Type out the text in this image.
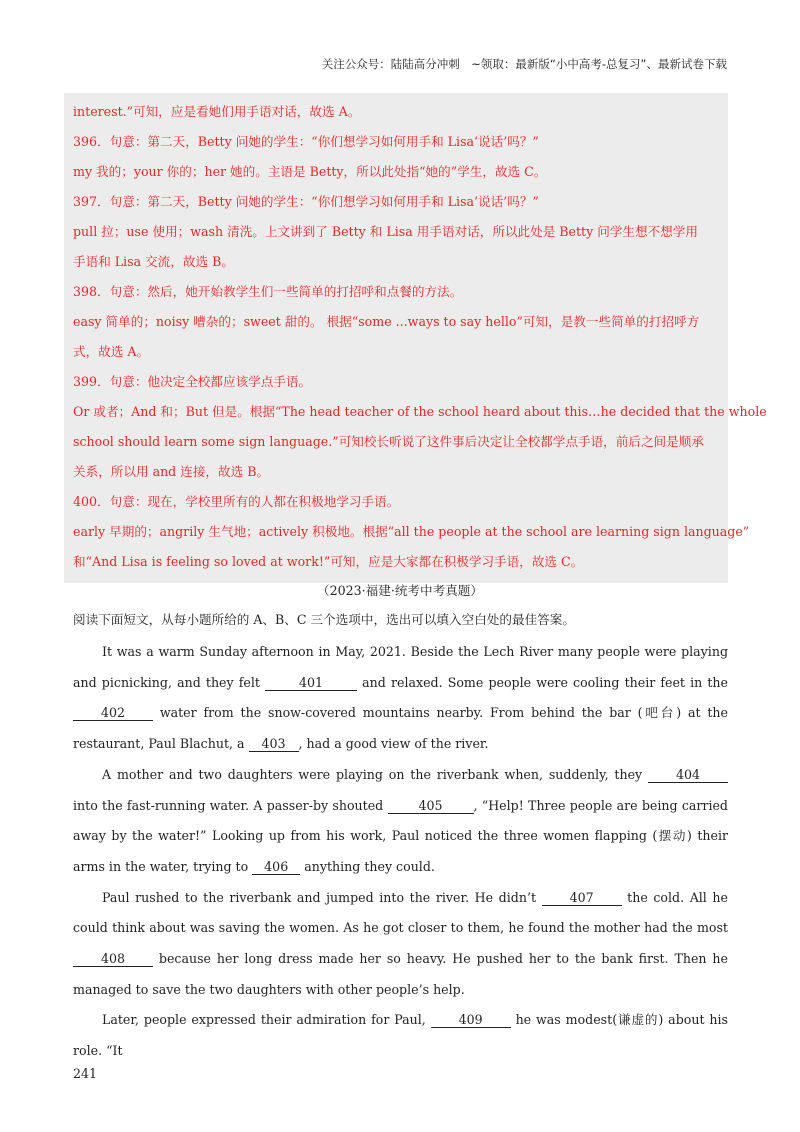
关注公众号：陆陆高分冲刺　~领取：最新版“小中高考-总复习”、最新试卷下载

interest.”可知，应是看她们用手语对话，故选 A。

396．句意：第二天，Betty 问她的学生：“你们想学习如何用手和 Lisa‘说话’吗？”

my 我的；your 你的；her 她的。主语是 Betty，所以此处指“她的”学生，故选 C。

397．句意：第二天，Betty 问她的学生：“你们想学习如何用手和 Lisa‘说话’吗？”

pull 拉；use 使用；wash 清洗。上文讲到了 Betty 和 Lisa 用手语对话，所以此处是 Betty 问学生想不想学用

手语和 Lisa 交流，故选 B。

398．句意：然后，她开始教学生们一些简单的打招呼和点餐的方法。

easy 简单的；noisy 嘈杂的；sweet 甜的。 根据“some ...ways to say hello”可知，是教一些简单的打招呼方

式，故选 A。

399．句意：他决定全校都应该学点手语。

Or 或者；And 和；But 但是。根据“The head teacher of the school heard about this…he decided that the whole

school should learn some sign language.”可知校长听说了这件事后决定让全校都学点手语，前后之间是顺承

关系，所以用 and 连接，故选 B。

400．句意：现在，学校里所有的人都在积极地学习手语。

early 早期的；angrily 生气地；actively 积极地。根据“all the people at the school are learning sign language”

和“And Lisa is feeling so loved at work!”可知，应是大家都在积极学习手语，故选 C。

（2023·福建·统考中考真题）
阅读下面短文，从每小题所给的 A、B、C 三个选项中，选出可以填入空白处的最佳答案。

It was a warm Sunday afternoon in May, 2021. Beside the Lech River many people were playing and picnicking, and they felt	401	and relaxed. Some people were cooling their feet in the 402 water from the snow-covered mountains nearby. From behind the bar (吧台) at the restaurant, Paul Blachut, a 403 , had a good view of the river.

A mother and two daughters were playing on the riverbank when, suddenly, they 404 into the fast-running water. A passer-by shouted 405 , “Help! Three people are being carried away by the water!” Looking up from his work, Paul noticed the three women flapping (摆动) their arms in the water, trying to 406 anything they could.

Paul rushed to the riverbank and jumped into the river. He didn’t 407 the cold. All he could think about was saving the women. As he got closer to them, he found the mother had the most 408 because her long dress made her so heavy. He pushed her to the bank first. Then he managed to save the two daughters with other people’s help.

Later, people expressed their admiration for Paul, 409 he was modest(谦虚的) about his role. “It

241
